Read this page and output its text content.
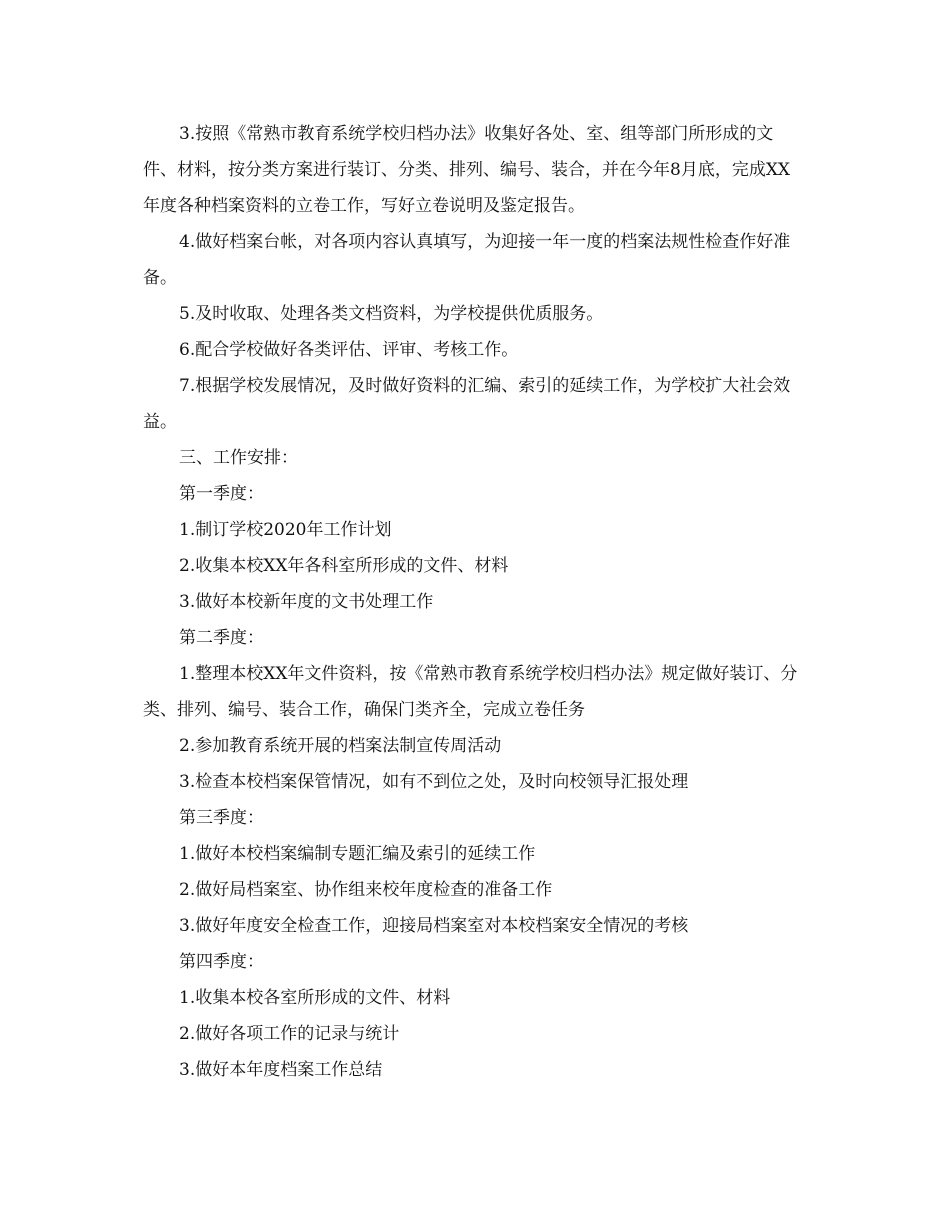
3.按照《常熟市教育系统学校归档办法》收集好各处、室、组等部门所形成的文件、材料，按分类方案进行装订、分类、排列、编号、装合，并在今年8月底，完成XX年度各种档案资料的立卷工作，写好立卷说明及鉴定报告。

4.做好档案台帐，对各项内容认真填写，为迎接一年一度的档案法规性检查作好准备。

5.及时收取、处理各类文档资料，为学校提供优质服务。

6.配合学校做好各类评估、评审、考核工作。

7.根据学校发展情况，及时做好资料的汇编、索引的延续工作，为学校扩大社会效益。

三、工作安排：

第一季度：

1.制订学校2020年工作计划

2.收集本校XX年各科室所形成的文件、材料

3.做好本校新年度的文书处理工作

第二季度：

1.整理本校XX年文件资料，按《常熟市教育系统学校归档办法》规定做好装订、分类、排列、编号、装合工作，确保门类齐全，完成立卷任务

2.参加教育系统开展的档案法制宣传周活动

3.检查本校档案保管情况，如有不到位之处，及时向校领导汇报处理

第三季度：

1.做好本校档案编制专题汇编及索引的延续工作

2.做好局档案室、协作组来校年度检查的准备工作

3.做好年度安全检查工作，迎接局档案室对本校档案安全情况的考核

第四季度：

1.收集本校各室所形成的文件、材料

2.做好各项工作的记录与统计

3.做好本年度档案工作总结
